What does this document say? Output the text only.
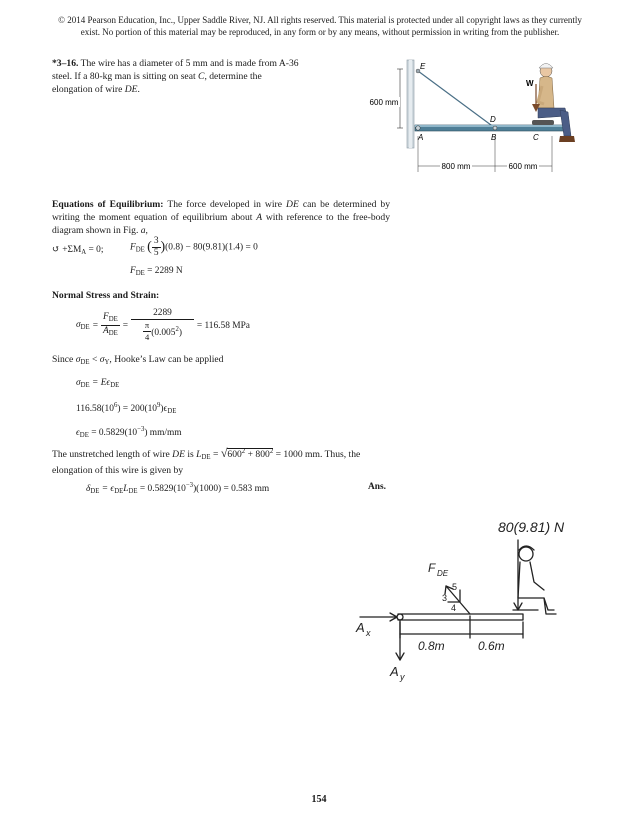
© 2014 Pearson Education, Inc., Upper Saddle River, NJ. All rights reserved. This material is protected under all copyright laws as they currently
exist. No portion of this material may be reproduced, in any form or by any means, without permission in writing from the publisher.
*3–16. The wire has a diameter of 5 mm and is made from A-36 steel. If a 80-kg man is sitting on seat C, determine the elongation of wire DE.
600 mm
E
D
A	B	C
W
800 mm	600 mm
Equations of Equilibrium: The force developed in wire DE can be determined by writing the moment equation of equilibrium about A with reference to the free-body diagram shown in Fig. a,
↺ $+\Sigma M_A = 0$;	$F_{DE}$ ( $\frac{3}{5} )(0.8) - 80(9.81)(1.4) = 0$
$F_{DE} = 2289$ N
Normal Stress and Strain:
$\sigma_{DE}$ =
$F_{DE}$
$A_{DE}$
= 2289
π
4 $(0.005^2) = 116.58$ MPa
Since $\sigma_{DE} < \sigma_Y$, Hooke’s Law can be applied
$\sigma_{DE} = E\epsilon_{DE}$
$116.58(10^6) = 200(10^9)\epsilon_{DE}$
$\epsilon_{DE} = 0.5829(10^{-3})$ mm/mm
The unstretched length of wire DE is $L_{DE} = √600^2 + 800^2 = 1000$ mm. Thus, the elongation of this wire is given by
$\delta_{DE} = \epsilon_{DE}L_{DE} = 0.5829(10^{-3})(1000) = 0.583$ mm	Ans.
80(9.81) N
F DE
3
5
4
A x
A y
0.8m	0.6m
154
